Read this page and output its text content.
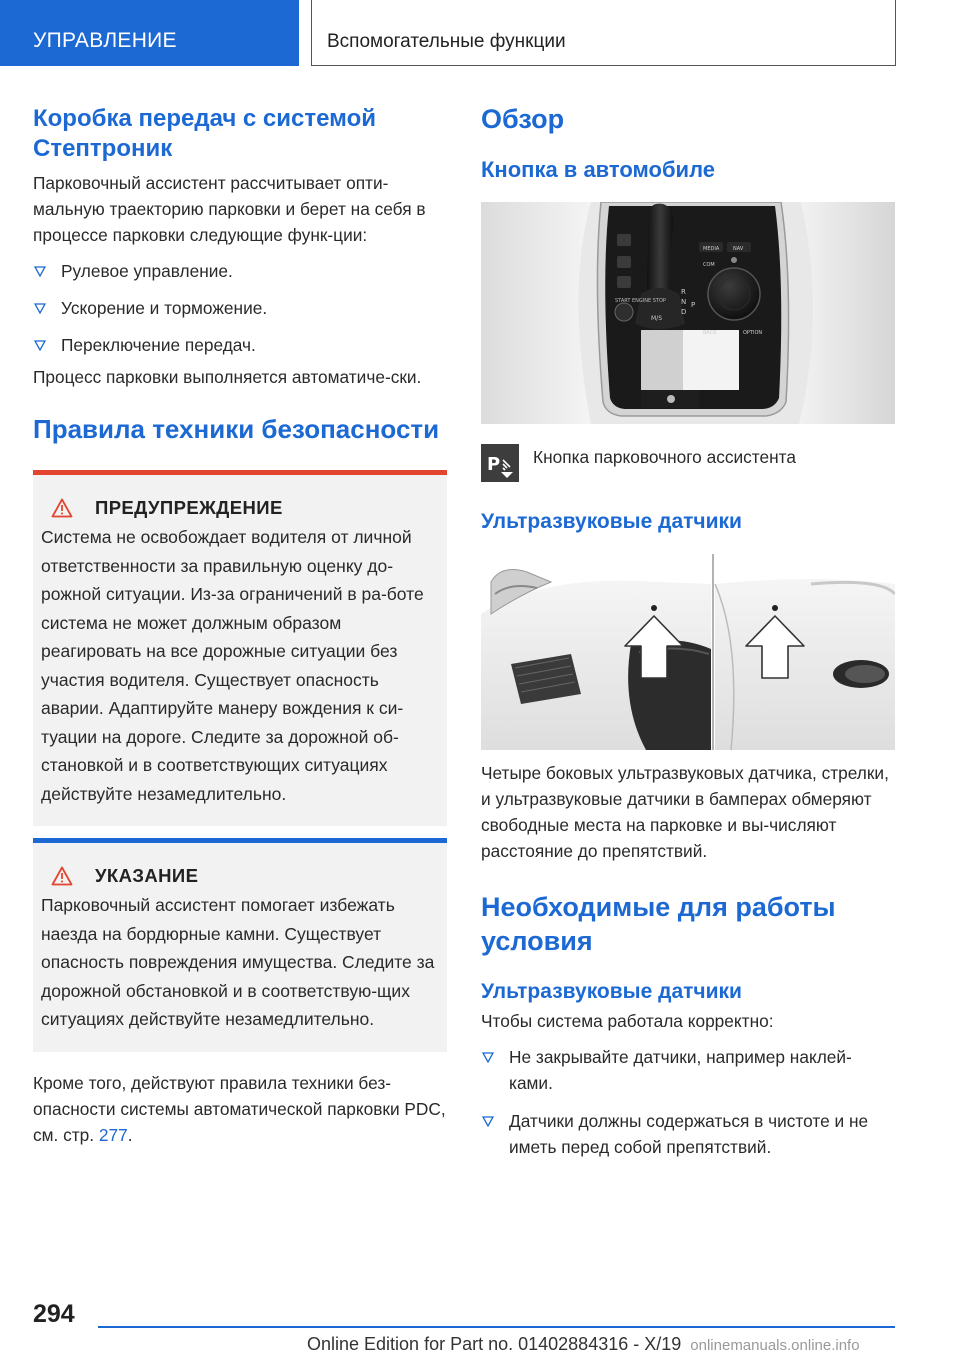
УПРАВЛЕНИЕ	Вспомогательные функции
Коробка передач с системой Стептроник
Парковочный ассистент рассчитывает опти-мальную траекторию парковки и берет на себя в процессе парковки следующие функ-ции:
Рулевое управление.
Ускорение и торможение.
Переключение передач.
Процесс парковки выполняется автоматиче-ски.
Правила техники безопасности
ПРЕДУПРЕЖДЕНИЕ
Система не освобождает водителя от личной ответственности за правильную оценку до-рожной ситуации. Из-за ограничений в ра-боте система не может должным образом реагировать на все дорожные ситуации без участия водителя. Существует опасность аварии. Адаптируйте манеру вождения к си-туации на дороге. Следите за дорожной об-становкой и в соответствующих ситуациях действуйте незамедлительно.
УКАЗАНИЕ
Парковочный ассистент помогает избежать наезда на бордюрные камни. Существует опасность повреждения имущества. Следите за дорожной обстановкой и в соответствую-щих ситуациях действуйте незамедлительно.
Кроме того, действуют правила техники без-опасности системы автоматической парковки PDC, см. стр. 277.
Обзор
Кнопка в автомобиле
START ENGINE STOP
R
N
D
P
M/S
MEDIA	NAV
COM
BACK	OPTION
P Кнопка парковочного ассистента
Ультразвуковые датчики
Четыре боковых ультразвуковых датчика, стрелки, и ультразвуковые датчики в бамперах обмеряют свободные места на парковке и вы-числяют расстояние до препятствий.
Необходимые для работы условия
Ультразвуковые датчики
Чтобы система работала корректно:
Не закрывайте датчики, например наклей-ками.
Датчики должны содержаться в чистоте и не иметь перед собой препятствий.
294
Online Edition for Part no. 01402884316 - X/19 onlinemanuals.online.info
